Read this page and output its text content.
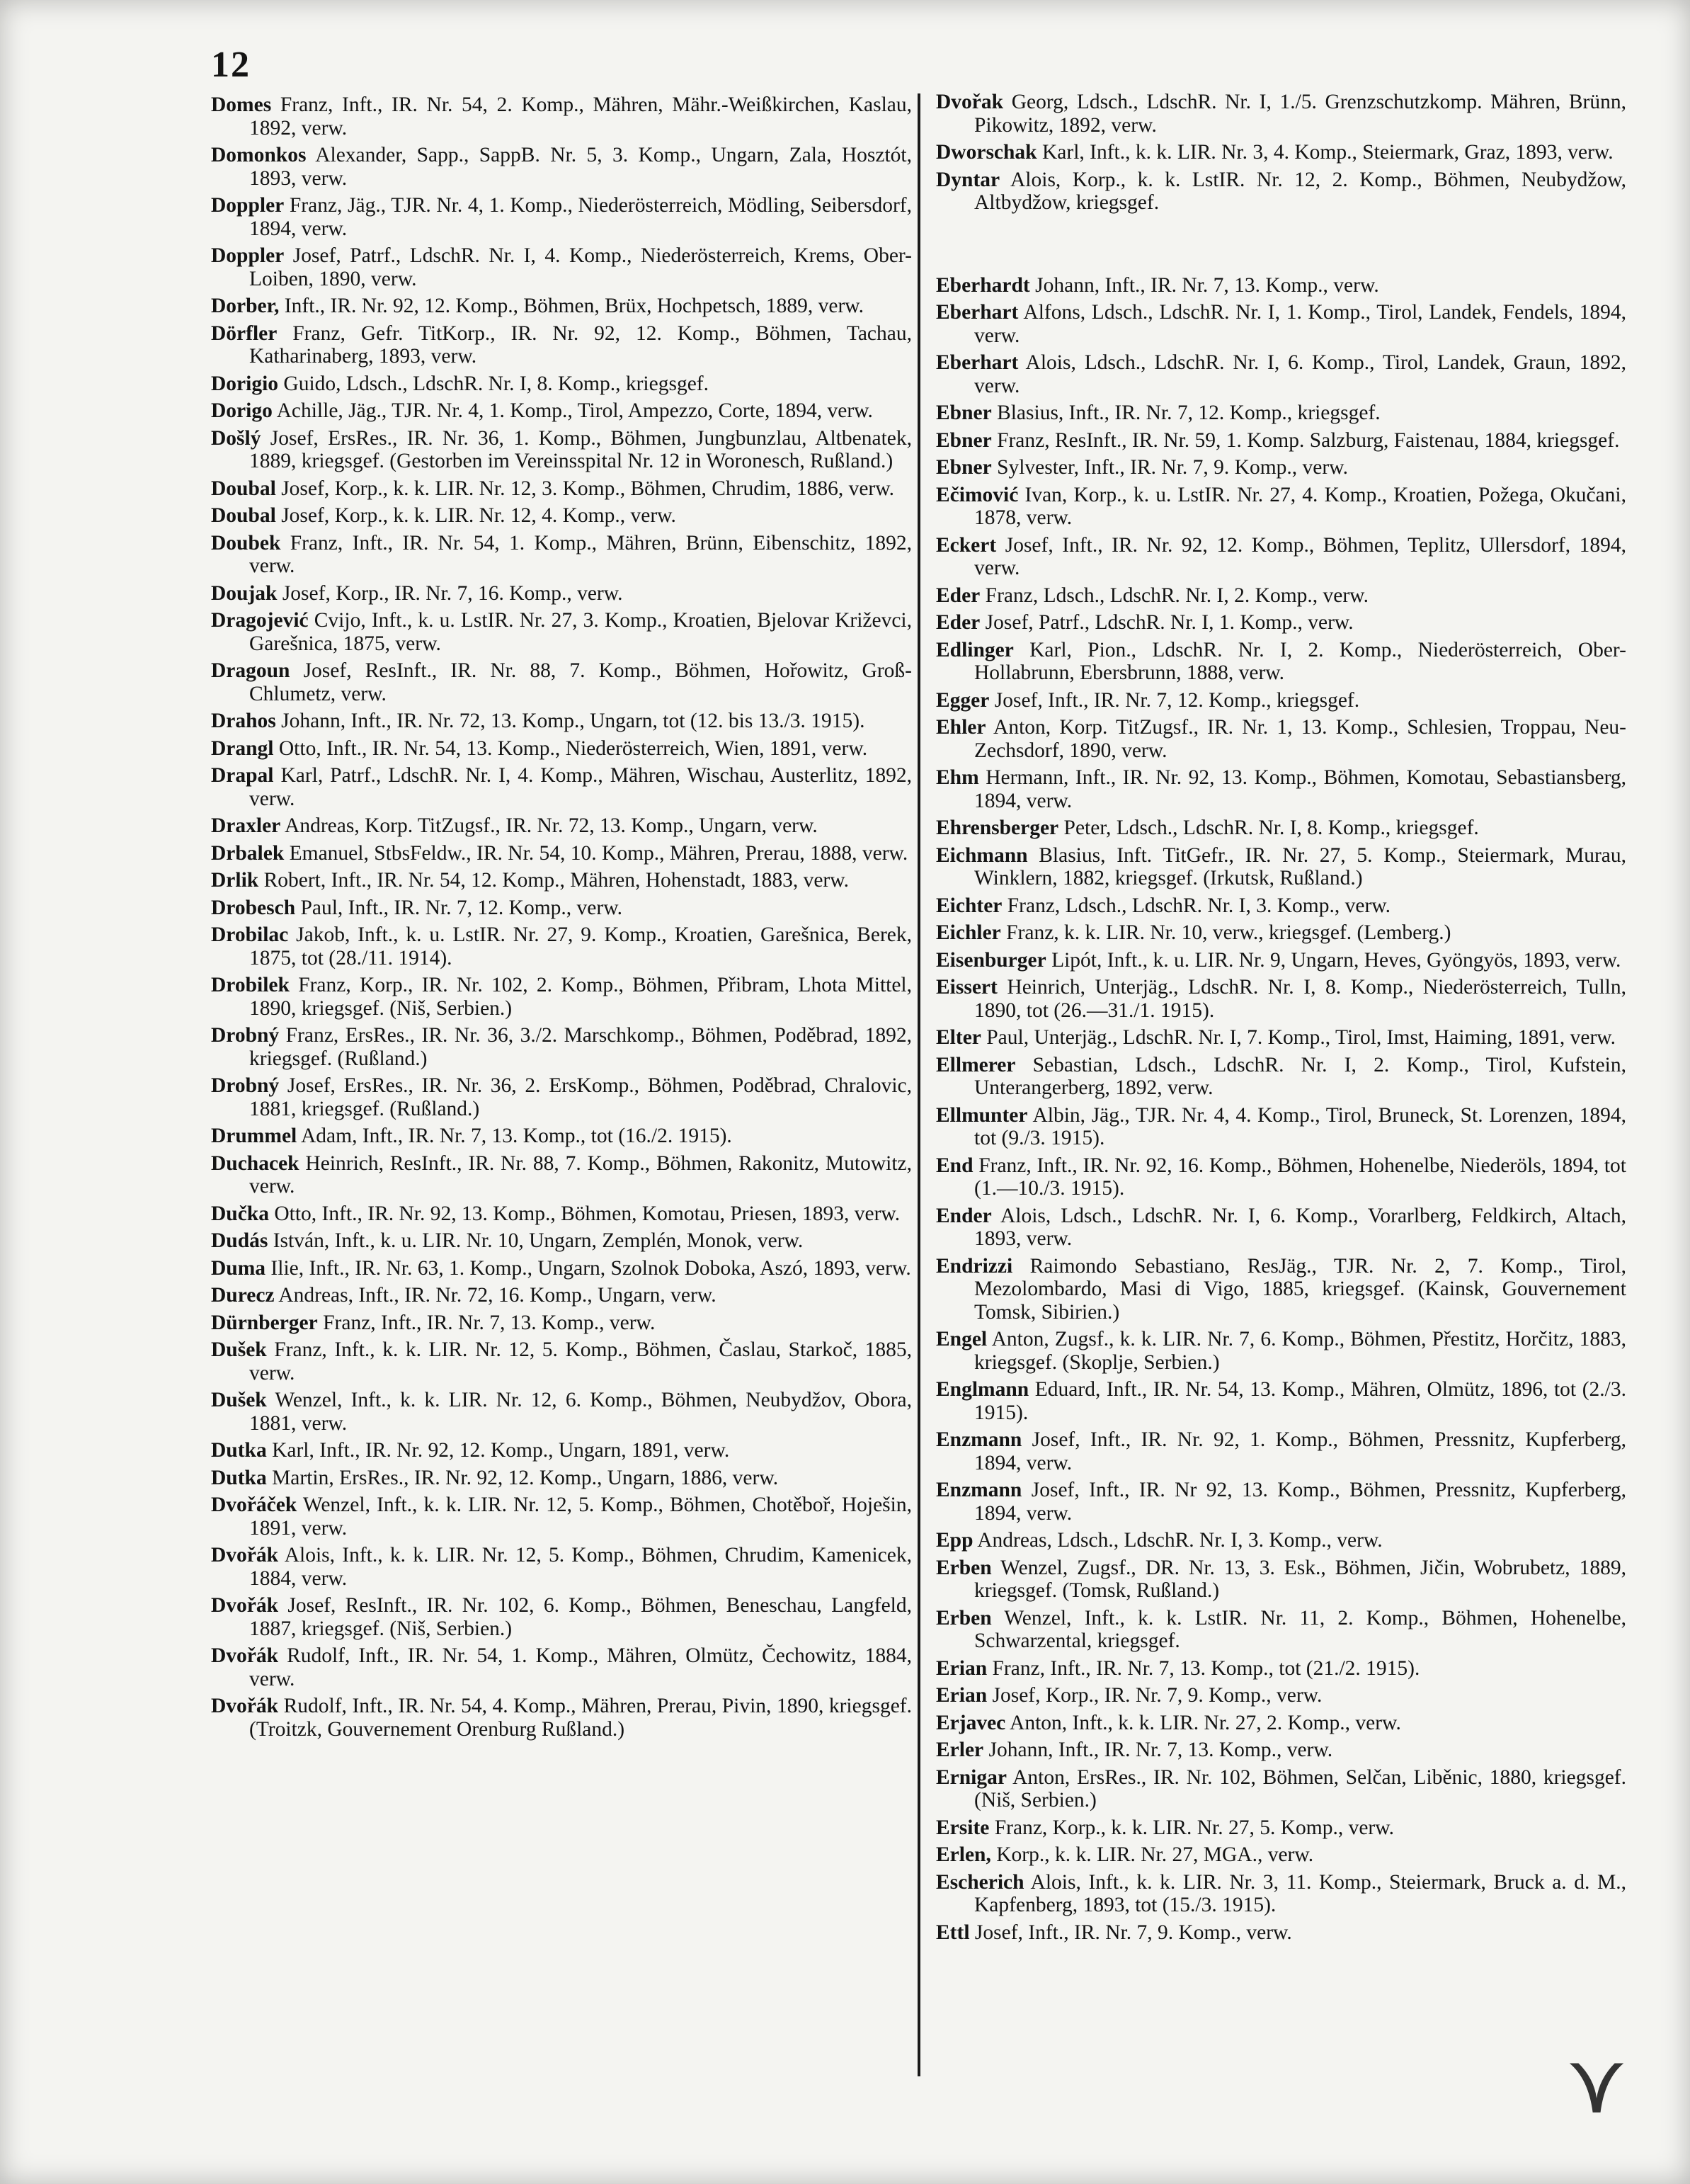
12

Domes Franz, Inft., IR. Nr. 54, 2. Komp., Mähren, Mähr.-Weißkirchen, Kaslau, 1892, verw.

Domonkos Alexander, Sapp., SappB. Nr. 5, 3. Komp., Ungarn, Zala, Hosztót, 1893, verw.

Doppler Franz, Jäg., TJR. Nr. 4, 1. Komp., Niederösterreich, Mödling, Seibersdorf, 1894, verw.

Doppler Josef, Patrf., LdschR. Nr. I, 4. Komp., Niederösterreich, Krems, Ober-Loiben, 1890, verw.

Dorber, Inft., IR. Nr. 92, 12. Komp., Böhmen, Brüx, Hochpetsch, 1889, verw.

Dörfler Franz, Gefr. TitKorp., IR. Nr. 92, 12. Komp., Böhmen, Tachau, Katharinaberg, 1893, verw.

Dorigio Guido, Ldsch., LdschR. Nr. I, 8. Komp., kriegsgef.

Dorigo Achille, Jäg., TJR. Nr. 4, 1. Komp., Tirol, Ampezzo, Corte, 1894, verw.

Došlý Josef, ErsRes., IR. Nr. 36, 1. Komp., Böhmen, Jungbunzlau, Altbenatek, 1889, kriegsgef. (Gestorben im Vereinsspital Nr. 12 in Woronesch, Rußland.)

Doubal Josef, Korp., k. k. LIR. Nr. 12, 3. Komp., Böhmen, Chrudim, 1886, verw.

Doubal Josef, Korp., k. k. LIR. Nr. 12, 4. Komp., verw.

Doubek Franz, Inft., IR. Nr. 54, 1. Komp., Mähren, Brünn, Eibenschitz, 1892, verw.

Doujak Josef, Korp., IR. Nr. 7, 16. Komp., verw.

Dragojević Cvijo, Inft., k. u. LstIR. Nr. 27, 3. Komp., Kroatien, Bjelovar Križevci, Garešnica, 1875, verw.

Dragoun Josef, ResInft., IR. Nr. 88, 7. Komp., Böhmen, Hořowitz, Groß-Chlumetz, verw.

Drahos Johann, Inft., IR. Nr. 72, 13. Komp., Ungarn, tot (12. bis 13./3. 1915).

Drangl Otto, Inft., IR. Nr. 54, 13. Komp., Niederösterreich, Wien, 1891, verw.

Drapal Karl, Patrf., LdschR. Nr. I, 4. Komp., Mähren, Wischau, Austerlitz, 1892, verw.

Draxler Andreas, Korp. TitZugsf., IR. Nr. 72, 13. Komp., Ungarn, verw.

Drbalek Emanuel, StbsFeldw., IR. Nr. 54, 10. Komp., Mähren, Prerau, 1888, verw.

Drlik Robert, Inft., IR. Nr. 54, 12. Komp., Mähren, Hohenstadt, 1883, verw.

Drobesch Paul, Inft., IR. Nr. 7, 12. Komp., verw.

Drobilac Jakob, Inft., k. u. LstIR. Nr. 27, 9. Komp., Kroatien, Garešnica, Berek, 1875, tot (28./11. 1914).

Drobilek Franz, Korp., IR. Nr. 102, 2. Komp., Böhmen, Přibram, Lhota Mittel, 1890, kriegsgef. (Niš, Serbien.)

Drobný Franz, ErsRes., IR. Nr. 36, 3./2. Marschkomp., Böhmen, Poděbrad, 1892, kriegsgef. (Rußland.)

Drobný Josef, ErsRes., IR. Nr. 36, 2. ErsKomp., Böhmen, Poděbrad, Chralovic, 1881, kriegsgef. (Rußland.)

Drummel Adam, Inft., IR. Nr. 7, 13. Komp., tot (16./2. 1915).

Duchacek Heinrich, ResInft., IR. Nr. 88, 7. Komp., Böhmen, Rakonitz, Mutowitz, verw.

Dučka Otto, Inft., IR. Nr. 92, 13. Komp., Böhmen, Komotau, Priesen, 1893, verw.

Dudás István, Inft., k. u. LIR. Nr. 10, Ungarn, Zemplén, Monok, verw.

Duma Ilie, Inft., IR. Nr. 63, 1. Komp., Ungarn, Szolnok Doboka, Aszó, 1893, verw.

Durecz Andreas, Inft., IR. Nr. 72, 16. Komp., Ungarn, verw.

Dürnberger Franz, Inft., IR. Nr. 7, 13. Komp., verw.

Dušek Franz, Inft., k. k. LIR. Nr. 12, 5. Komp., Böhmen, Časlau, Starkoč, 1885, verw.

Dušek Wenzel, Inft., k. k. LIR. Nr. 12, 6. Komp., Böhmen, Neubydžov, Obora, 1881, verw.

Dutka Karl, Inft., IR. Nr. 92, 12. Komp., Ungarn, 1891, verw.

Dutka Martin, ErsRes., IR. Nr. 92, 12. Komp., Ungarn, 1886, verw.

Dvořáček Wenzel, Inft., k. k. LIR. Nr. 12, 5. Komp., Böhmen, Chotěboř, Hoješin, 1891, verw.

Dvořák Alois, Inft., k. k. LIR. Nr. 12, 5. Komp., Böhmen, Chrudim, Kamenicek, 1884, verw.

Dvořák Josef, ResInft., IR. Nr. 102, 6. Komp., Böhmen, Beneschau, Langfeld, 1887, kriegsgef. (Niš, Serbien.)

Dvořák Rudolf, Inft., IR. Nr. 54, 1. Komp., Mähren, Olmütz, Čechowitz, 1884, verw.

Dvořák Rudolf, Inft., IR. Nr. 54, 4. Komp., Mähren, Prerau, Pivin, 1890, kriegsgef. (Troitzk, Gouvernement Orenburg Rußland.)

Dvořak Georg, Ldsch., LdschR. Nr. I, 1./5. Grenzschutzkomp. Mähren, Brünn, Pikowitz, 1892, verw.

Dworschak Karl, Inft., k. k. LIR. Nr. 3, 4. Komp., Steiermark, Graz, 1893, verw.

Dyntar Alois, Korp., k. k. LstIR. Nr. 12, 2. Komp., Böhmen, Neubydžow, Altbydžow, kriegsgef.

Eberhardt Johann, Inft., IR. Nr. 7, 13. Komp., verw.

Eberhart Alfons, Ldsch., LdschR. Nr. I, 1. Komp., Tirol, Landek, Fendels, 1894, verw.

Eberhart Alois, Ldsch., LdschR. Nr. I, 6. Komp., Tirol, Landek, Graun, 1892, verw.

Ebner Blasius, Inft., IR. Nr. 7, 12. Komp., kriegsgef.

Ebner Franz, ResInft., IR. Nr. 59, 1. Komp. Salzburg, Faistenau, 1884, kriegsgef.

Ebner Sylvester, Inft., IR. Nr. 7, 9. Komp., verw.

Ečimović Ivan, Korp., k. u. LstIR. Nr. 27, 4. Komp., Kroatien, Požega, Okučani, 1878, verw.

Eckert Josef, Inft., IR. Nr. 92, 12. Komp., Böhmen, Teplitz, Ullersdorf, 1894, verw.

Eder Franz, Ldsch., LdschR. Nr. I, 2. Komp., verw.

Eder Josef, Patrf., LdschR. Nr. I, 1. Komp., verw.

Edlinger Karl, Pion., LdschR. Nr. I, 2. Komp., Niederösterreich, Ober-Hollabrunn, Ebersbrunn, 1888, verw.

Egger Josef, Inft., IR. Nr. 7, 12. Komp., kriegsgef.

Ehler Anton, Korp. TitZugsf., IR. Nr. 1, 13. Komp., Schlesien, Troppau, Neu-Zechsdorf, 1890, verw.

Ehm Hermann, Inft., IR. Nr. 92, 13. Komp., Böhmen, Komotau, Sebastiansberg, 1894, verw.

Ehrensberger Peter, Ldsch., LdschR. Nr. I, 8. Komp., kriegsgef.

Eichmann Blasius, Inft. TitGefr., IR. Nr. 27, 5. Komp., Steiermark, Murau, Winklern, 1882, kriegsgef. (Irkutsk, Rußland.)

Eichter Franz, Ldsch., LdschR. Nr. I, 3. Komp., verw.

Eichler Franz, k. k. LIR. Nr. 10, verw., kriegsgef. (Lemberg.)

Eisenburger Lipót, Inft., k. u. LIR. Nr. 9, Ungarn, Heves, Gyöngyös, 1893, verw.

Eissert Heinrich, Unterjäg., LdschR. Nr. I, 8. Komp., Niederösterreich, Tulln, 1890, tot (26.—31./1. 1915).

Elter Paul, Unterjäg., LdschR. Nr. I, 7. Komp., Tirol, Imst, Haiming, 1891, verw.

Ellmerer Sebastian, Ldsch., LdschR. Nr. I, 2. Komp., Tirol, Kufstein, Unterangerberg, 1892, verw.

Ellmunter Albin, Jäg., TJR. Nr. 4, 4. Komp., Tirol, Bruneck, St. Lorenzen, 1894, tot (9./3. 1915).

End Franz, Inft., IR. Nr. 92, 16. Komp., Böhmen, Hohenelbe, Niederöls, 1894, tot (1.—10./3. 1915).

Ender Alois, Ldsch., LdschR. Nr. I, 6. Komp., Vorarlberg, Feldkirch, Altach, 1893, verw.

Endrizzi Raimondo Sebastiano, ResJäg., TJR. Nr. 2, 7. Komp., Tirol, Mezolombardo, Masi di Vigo, 1885, kriegsgef. (Kainsk, Gouvernement Tomsk, Sibirien.)

Engel Anton, Zugsf., k. k. LIR. Nr. 7, 6. Komp., Böhmen, Přestitz, Horčitz, 1883, kriegsgef. (Skoplje, Serbien.)

Englmann Eduard, Inft., IR. Nr. 54, 13. Komp., Mähren, Olmütz, 1896, tot (2./3. 1915).

Enzmann Josef, Inft., IR. Nr. 92, 1. Komp., Böhmen, Pressnitz, Kupferberg, 1894, verw.

Enzmann Josef, Inft., IR. Nr 92, 13. Komp., Böhmen, Pressnitz, Kupferberg, 1894, verw.

Epp Andreas, Ldsch., LdschR. Nr. I, 3. Komp., verw.

Erben Wenzel, Zugsf., DR. Nr. 13, 3. Esk., Böhmen, Jičin, Wobrubetz, 1889, kriegsgef. (Tomsk, Rußland.)

Erben Wenzel, Inft., k. k. LstIR. Nr. 11, 2. Komp., Böhmen, Hohenelbe, Schwarzental, kriegsgef.

Erian Franz, Inft., IR. Nr. 7, 13. Komp., tot (21./2. 1915).

Erian Josef, Korp., IR. Nr. 7, 9. Komp., verw.

Erjavec Anton, Inft., k. k. LIR. Nr. 27, 2. Komp., verw.

Erler Johann, Inft., IR. Nr. 7, 13. Komp., verw.

Ernigar Anton, ErsRes., IR. Nr. 102, Böhmen, Selčan, Liběnic, 1880, kriegsgef. (Niš, Serbien.)

Ersite Franz, Korp., k. k. LIR. Nr. 27, 5. Komp., verw.

Erlen, Korp., k. k. LIR. Nr. 27, MGA., verw.

Escherich Alois, Inft., k. k. LIR. Nr. 3, 11. Komp., Steiermark, Bruck a. d. M., Kapfenberg, 1893, tot (15./3. 1915).

Ettl Josef, Inft., IR. Nr. 7, 9. Komp., verw.

⋎
